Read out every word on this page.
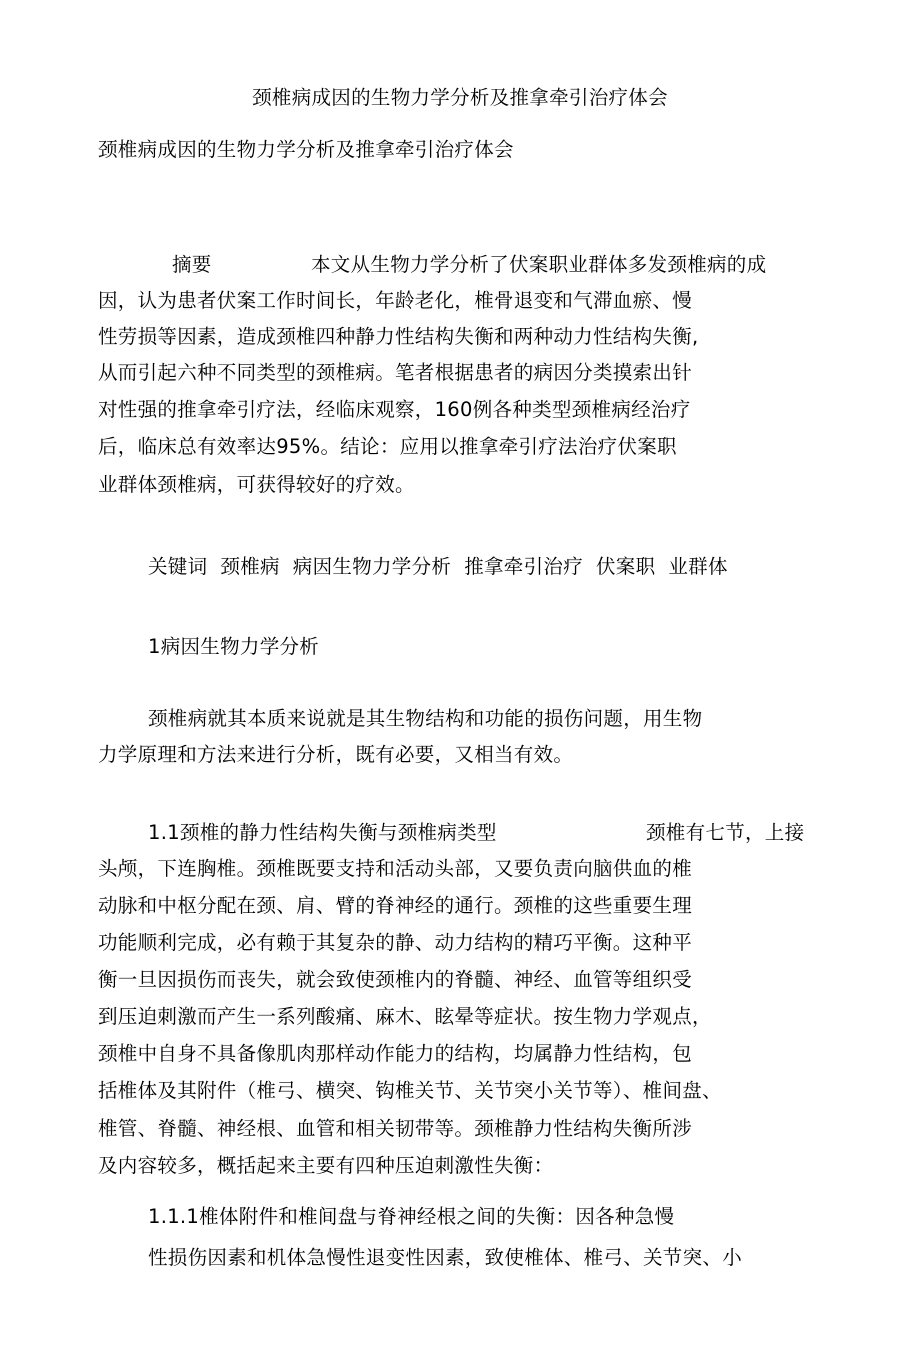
颈椎病成因的生物力学分析及推拿牵引治疗体会
颈椎病成因的生物力学分析及推拿牵引治疗体会
摘要	本文从生物力学分析了伏案职业群体多发颈椎病的成
因，认为患者伏案工作时间长，年龄老化，椎骨退变和气滞血瘀、慢
性劳损等因素，造成颈椎四种静力性结构失衡和两种动力性结构失衡,
从而引起六种不同类型的颈椎病。笔者根据患者的病因分类摸索出针
对性强的推拿牵引疗法，经临床观察，160例各种类型颈椎病经治疗
后，临床总有效率达95%。结论：应用以推拿牵引疗法治疗伏案职
业群体颈椎病，可获得较好的疗效。
关键词  颈椎病  病因生物力学分析  推拿牵引治疗  伏案职  业群体
1病因生物力学分析
颈椎病就其本质来说就是其生物结构和功能的损伤问题，用生物
力学原理和方法来进行分析，既有必要，又相当有效。
1.1颈椎的静力性结构失衡与颈椎病类型	颈椎有七节，上接
头颅，下连胸椎。颈椎既要支持和活动头部，又要负责向脑供血的椎
动脉和中枢分配在颈、肩、臂的脊神经的通行。颈椎的这些重要生理
功能顺利完成，必有赖于其复杂的静、动力结构的精巧平衡。这种平
衡一旦因损伤而丧失，就会致使颈椎内的脊髓、神经、血管等组织受
到压迫刺激而产生一系列酸痛、麻木、眩晕等症状。按生物力学观点，
颈椎中自身不具备像肌肉那样动作能力的结构，均属静力性结构，包
括椎体及其附件（椎弓、横突、钩椎关节、关节突小关节等）、椎间盘、
椎管、脊髓、神经根、血管和相关韧带等。颈椎静力性结构失衡所涉
及内容较多，概括起来主要有四种压迫刺激性失衡：
1.1.1椎体附件和椎间盘与脊神经根之间的失衡：因各种急慢
性损伤因素和机体急慢性退变性因素，致使椎体、椎弓、关节突、小
